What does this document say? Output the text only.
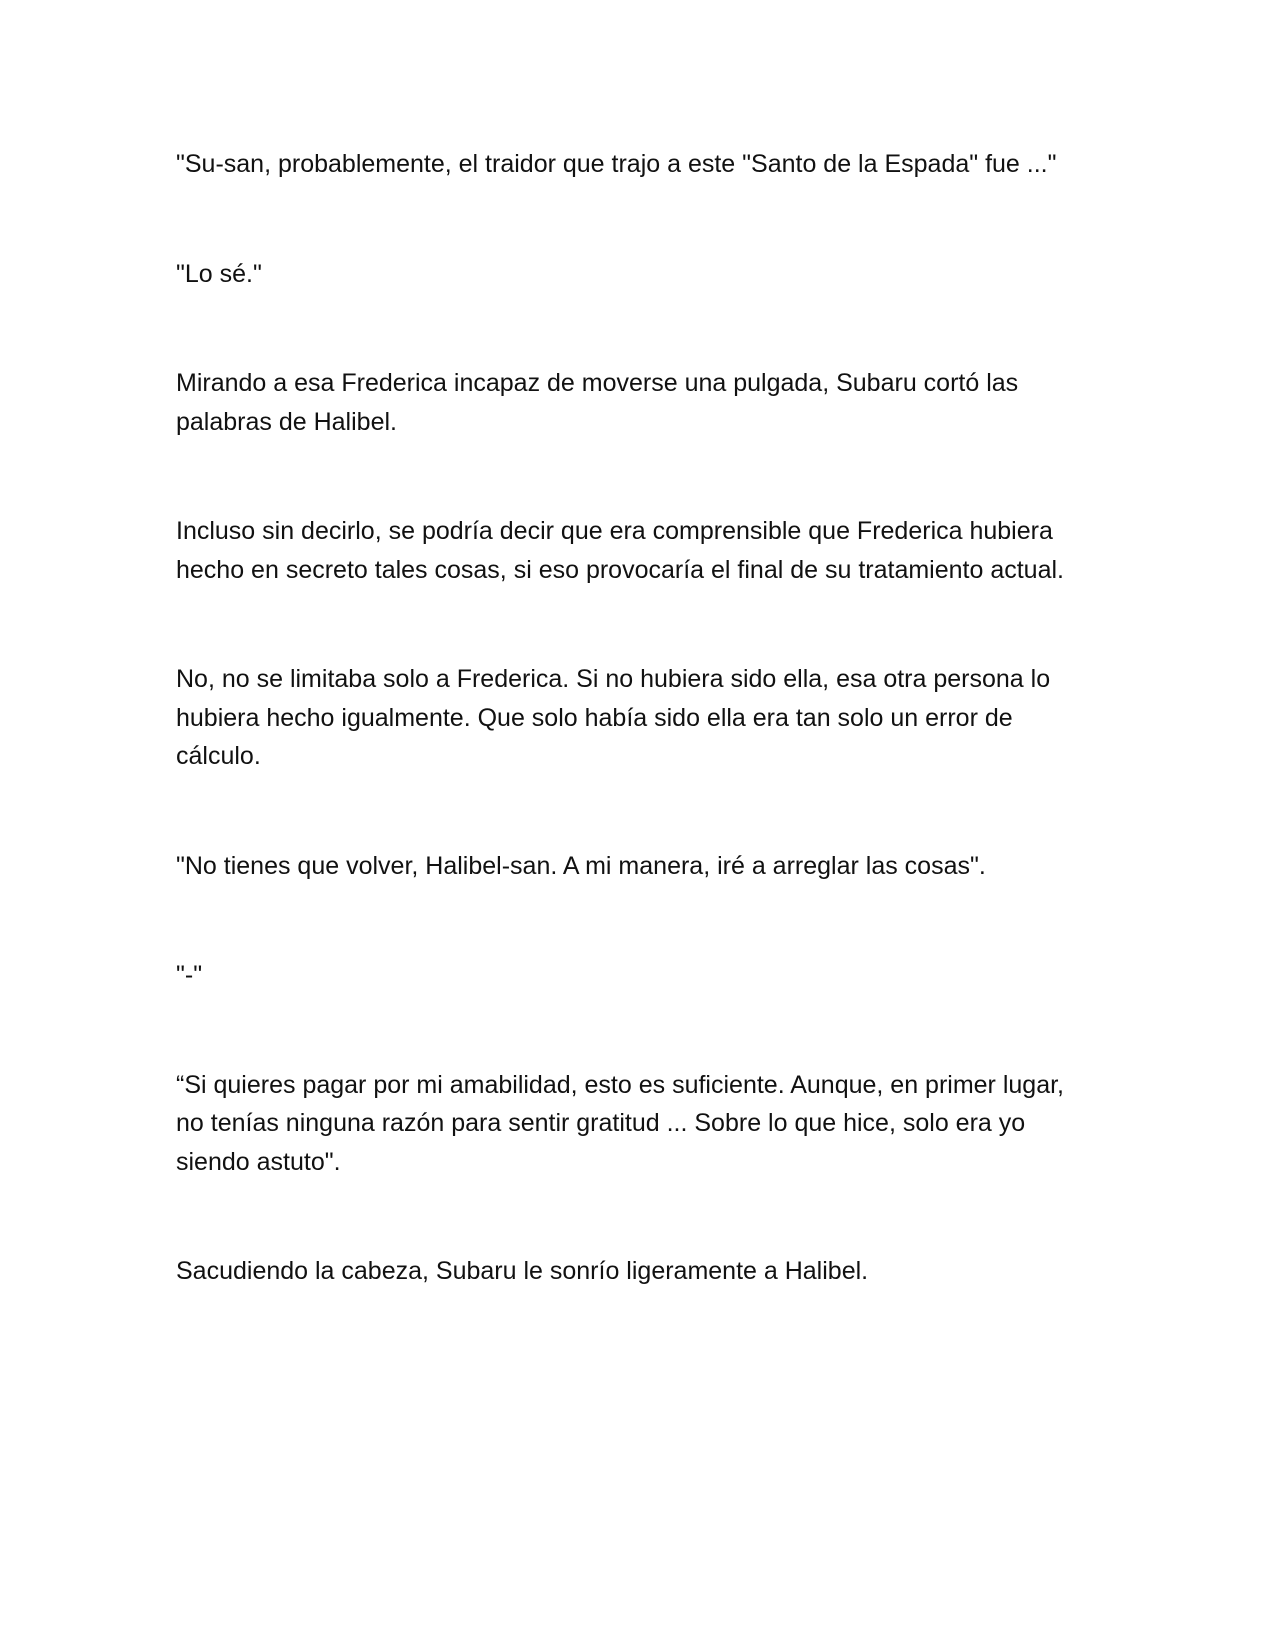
"Su-san, probablemente, el traidor que trajo a este "Santo de la Espada" fue ..."

"Lo sé."

Mirando a esa Frederica incapaz de moverse una pulgada, Subaru cortó las palabras de Halibel.

Incluso sin decirlo, se podría decir que era comprensible que Frederica hubiera hecho en secreto tales cosas, si eso provocaría el final de su tratamiento actual.

No, no se limitaba solo a Frederica. Si no hubiera sido ella, esa otra persona lo hubiera hecho igualmente. Que solo había sido ella era tan solo un error de cálculo.

"No tienes que volver, Halibel-san. A mi manera, iré a arreglar las cosas".

"-"

“Si quieres pagar por mi amabilidad, esto es suficiente. Aunque, en primer lugar, no tenías ninguna razón para sentir gratitud ... Sobre lo que hice, solo era yo siendo astuto".

Sacudiendo la cabeza, Subaru le sonrío ligeramente a Halibel.
